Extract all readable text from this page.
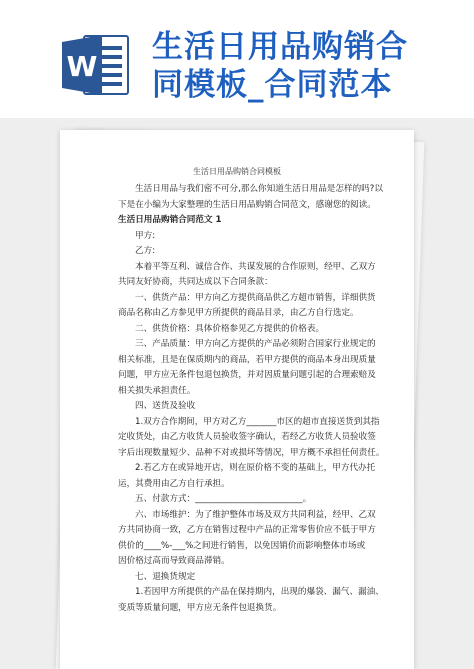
W
生活日用品购销合
同模板_合同范本
生活日用品购销合同模板
生活日用品与我们密不可分,那么你知道生活日用品是怎样的吗?以
下是在小编为大家整理的生活日用品购销合同范文，感谢您的阅读。
生活日用品购销合同范文 1
甲方:
乙方:
本着平等互利、诚信合作、共谋发展的合作原则，经甲、乙双方
共同友好协商，共同达成以下合同条款：
一、供货产品：甲方向乙方提供商品供乙方超市销售，详细供货
商品名称由乙方参见甲方所提供的商品目录，由乙方自行选定。
二、供货价格：具体价格参见乙方提供的价格表。
三、产品质量：甲方向乙方提供的产品必须附合国家行业规定的
相关标准，且是在保质期内的商品，若甲方提供的商品本身出现质量
问题，甲方应无条件包退包换货，并对因质量问题引起的合理索赔及
相关损失承担责任。
四、送货及验收
1.双方合作期间，甲方对乙方_______市区的超市直接送货到其指
定收货处，由乙方收货人员验收签字确认，若经乙方收货人员验收签
字后出现数量短少、品种不对或损坏等情况，甲方概不承担任何责任。
2.若乙方在或异地开店，则在原价格不变的基础上，甲方代办托
运，其费用由乙方自行承担。
五、付款方式：_________________________。
六、市场维护：为了维护整体市场及双方共同利益，经甲、乙双
方共同协商一致，乙方在销售过程中产品的正常零售价应不低于甲方
供价的____%-___%之间进行销售，以免因销价而影响整体市场或
因价格过高而导致商品滞销。
七、退换货规定
1.若因甲方所提供的产品在保持期内，出现的爆袋、漏气、漏油、
变质等质量问题，甲方应无条件包退换货。
